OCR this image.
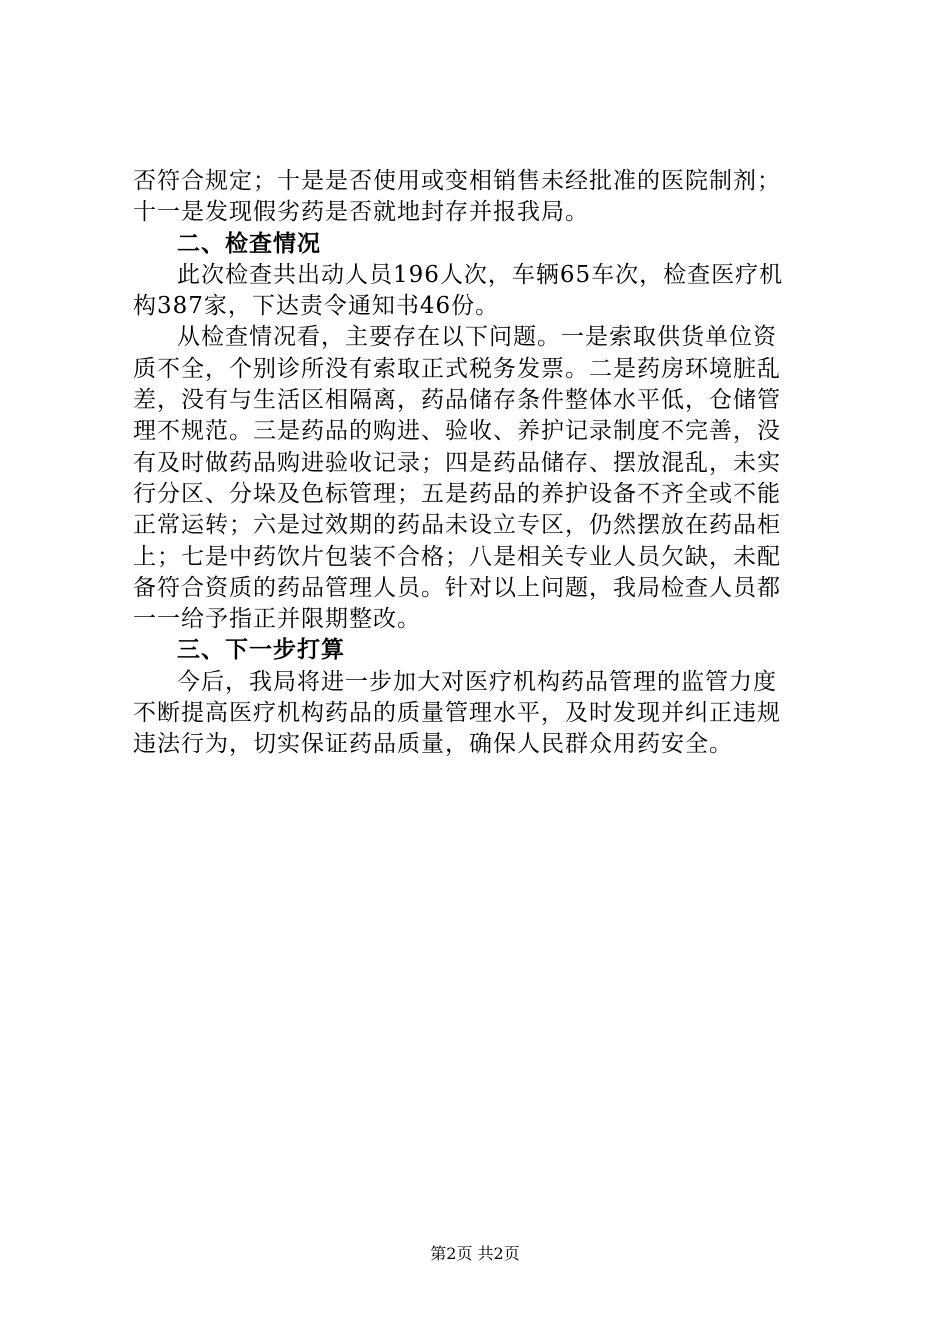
否符合规定；十是是否使用或变相销售未经批准的医院制剂；
十一是发现假劣药是否就地封存并报我局。
二、检查情况
此次检查共出动人员196人次，车辆65车次，检查医疗机
构387家，下达责令通知书46份。
从检查情况看，主要存在以下问题。一是索取供货单位资
质不全，个别诊所没有索取正式税务发票。二是药房环境脏乱
差，没有与生活区相隔离，药品储存条件整体水平低，仓储管
理不规范。三是药品的购进、验收、养护记录制度不完善，没
有及时做药品购进验收记录；四是药品储存、摆放混乱，未实
行分区、分垛及色标管理；五是药品的养护设备不齐全或不能
正常运转；六是过效期的药品未设立专区，仍然摆放在药品柜
上；七是中药饮片包装不合格；八是相关专业人员欠缺，未配
备符合资质的药品管理人员。针对以上问题，我局检查人员都
一一给予指正并限期整改。
三、下一步打算
今后，我局将进一步加大对医疗机构药品管理的监管力度
不断提高医疗机构药品的质量管理水平，及时发现并纠正违规
违法行为，切实保证药品质量，确保人民群众用药安全。
第2页 共2页
